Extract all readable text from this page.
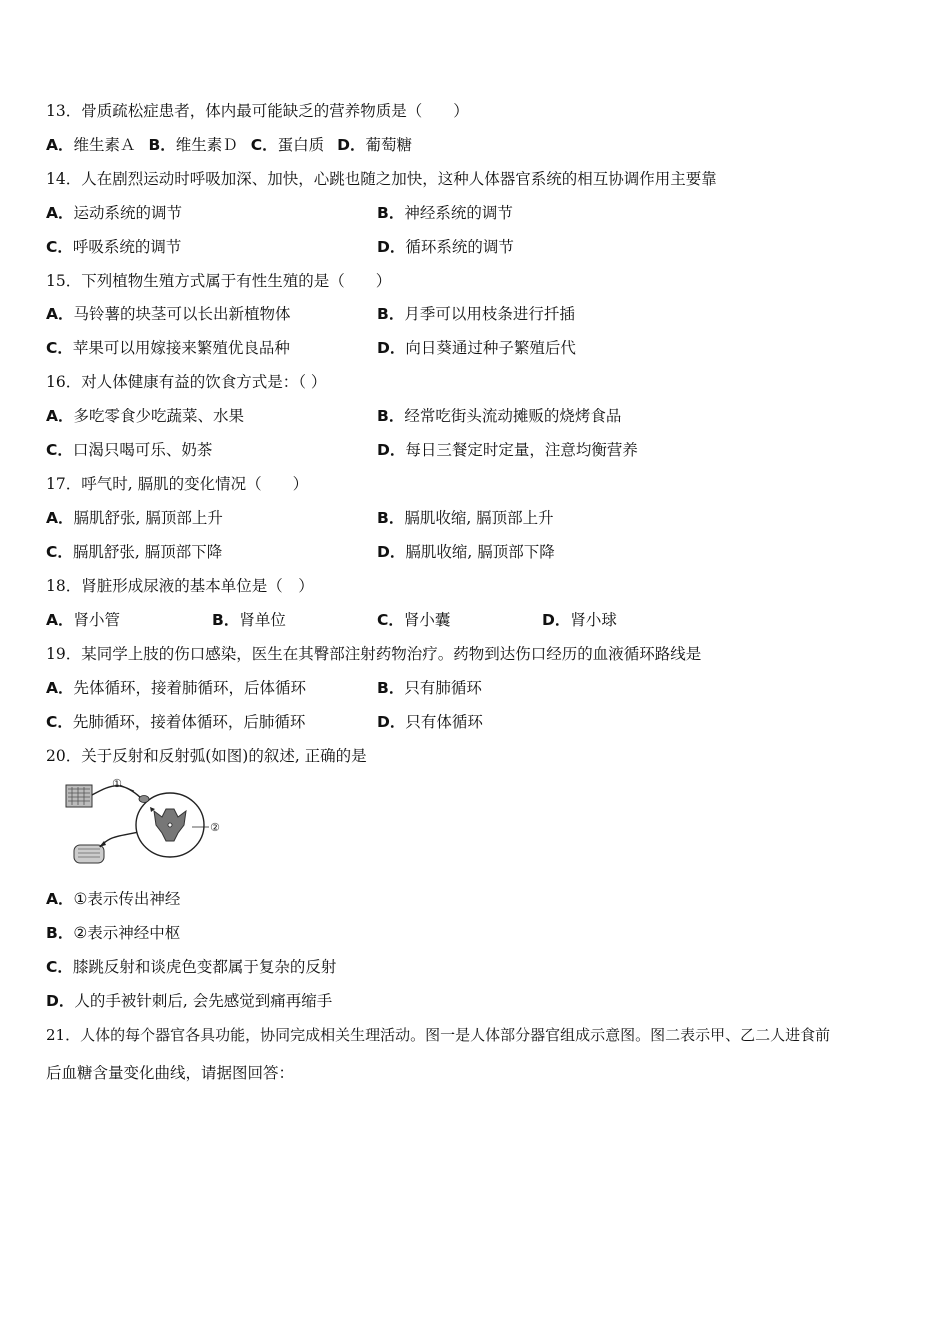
13．骨质疏松症患者，体内最可能缺乏的营养物质是（　　）
A．维生素Ａ B．维生素Ｄ C．蛋白质 D．葡萄糖
14．人在剧烈运动时呼吸加深、加快，心跳也随之加快，这种人体器官系统的相互协调作用主要靠
A．运动系统的调节	B．神经系统的调节
C．呼吸系统的调节	D．循环系统的调节
15．下列植物生殖方式属于有性生殖的是（　　）
A．马铃薯的块茎可以长出新植物体	B．月季可以用枝条进行扦插
C．苹果可以用嫁接来繁殖优良品种	D．向日葵通过种子繁殖后代
16．对人体健康有益的饮食方式是：（ ）
A．多吃零食少吃蔬菜、水果	B．经常吃街头流动摊贩的烧烤食品
C．口渴只喝可乐、奶茶	D．每日三餐定时定量，注意均衡营养
17．呼气时, 膈肌的变化情况（　　）
A．膈肌舒张, 膈顶部上升	B．膈肌收缩, 膈顶部上升
C．膈肌舒张, 膈顶部下降	D．膈肌收缩, 膈顶部下降
18．肾脏形成尿液的基本单位是（　）
A．肾小管	B．肾单位	C．肾小囊	D．肾小球
19．某同学上肢的伤口感染，医生在其臀部注射药物治疗。药物到达伤口经历的血液循环路线是
A．先体循环，接着肺循环，后体循环	B．只有肺循环
C．先肺循环，接着体循环，后肺循环	D．只有体循环
20．关于反射和反射弧(如图)的叙述, 正确的是
①
②
A．①表示传出神经
B．②表示神经中枢
C．膝跳反射和谈虎色变都属于复杂的反射
D．人的手被针刺后, 会先感觉到痛再缩手
21．人体的每个器官各具功能，协同完成相关生理活动。图一是人体部分器官组成示意图。图二表示甲、乙二人进食前
后血糖含量变化曲线，请据图回答：
